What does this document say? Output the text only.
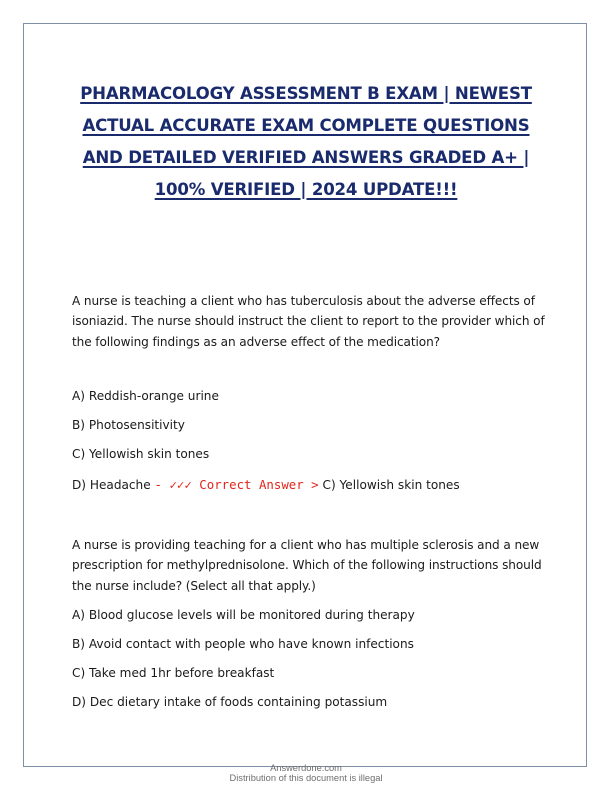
PHARMACOLOGY ASSESSMENT B EXAM | NEWEST ACTUAL ACCURATE EXAM COMPLETE QUESTIONS AND DETAILED VERIFIED ANSWERS GRADED A+ | 100% VERIFIED | 2024 UPDATE!!!

A nurse is teaching a client who has tuberculosis about the adverse effects of isoniazid. The nurse should instruct the client to report to the provider which of the following findings as an adverse effect of the medication?

A) Reddish-orange urine

B) Photosensitivity

C) Yellowish skin tones

D) Headache - ✓✓✓ Correct Answer > C) Yellowish skin tones

A nurse is providing teaching for a client who has multiple sclerosis and a new prescription for methylprednisolone. Which of the following instructions should the nurse include? (Select all that apply.)

A) Blood glucose levels will be monitored during therapy

B) Avoid contact with people who have known infections

C) Take med 1hr before breakfast

D) Dec dietary intake of foods containing potassium

Answerdone.com
Distribution of this document is illegal
